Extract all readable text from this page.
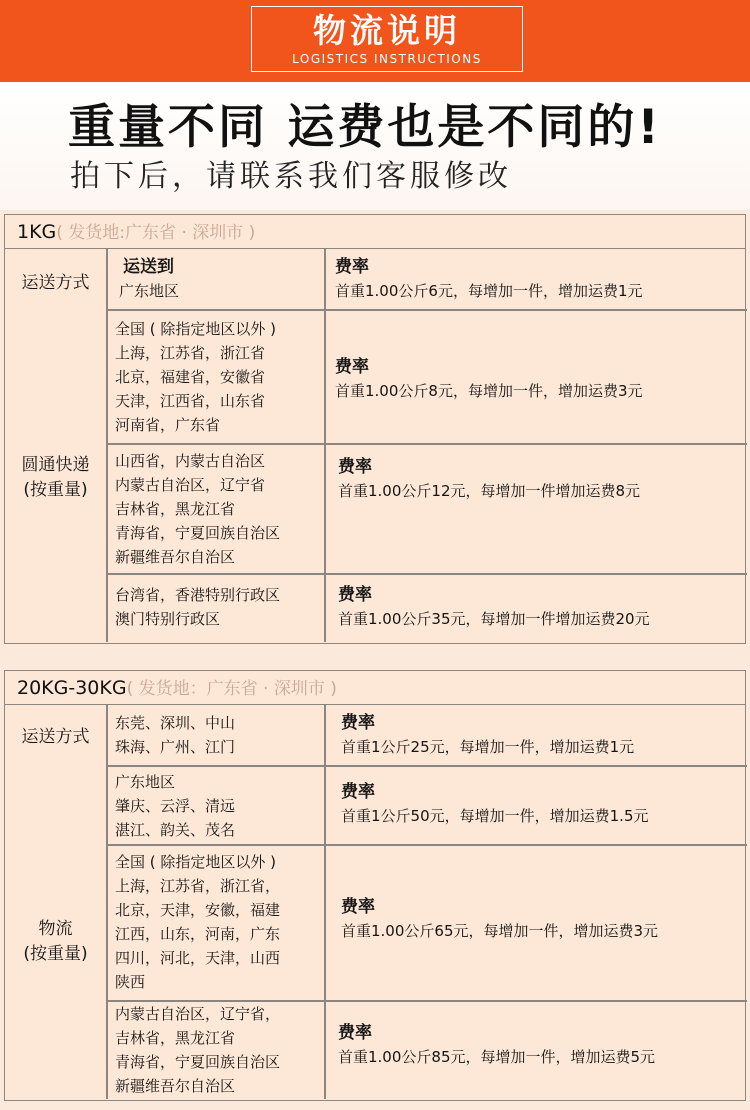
物流说明
LOGISTICS INSTRUCTIONS
重量不同 运费也是不同的!
拍下后，请联系我们客服修改
1KG( 发货地:广东省 · 深圳市 )
运送方式
圆通快递
(按重量)
运送到
广东地区
费率
首重1.00公斤6元，每增加一件，增加运费1元
全国 ( 除指定地区以外 )
上海，江苏省，浙江省
北京，福建省，安徽省
天津，江西省，山东省
河南省，广东省
费率
首重1.00公斤8元，每增加一件，增加运费3元
山西省，内蒙古自治区
内蒙古自治区，辽宁省
吉林省，黑龙江省
青海省，宁夏回族自治区
新疆维吾尔自治区
费率
首重1.00公斤12元，每增加一件增加运费8元
台湾省，香港特别行政区
澳门特别行政区
费率
首重1.00公斤35元，每增加一件增加运费20元
20KG-30KG( 发货地：广东省 · 深圳市 )
运送方式
物流
(按重量)
东莞、深圳、中山
珠海、广州、江门
费率
首重1公斤25元，每增加一件，增加运费1元
广东地区
肇庆、云浮、清远
湛江、韵关、茂名
费率
首重1公斤50元，每增加一件，增加运费1.5元
全国 ( 除指定地区以外 )
上海，江苏省，浙江省，
北京，天津，安徽，福建
江西，山东，河南，广东
四川，河北，天津，山西
陕西
费率
首重1.00公斤65元，每增加一件，增加运费3元
内蒙古自治区，辽宁省，
吉林省，黑龙江省
青海省，宁夏回族自治区
新疆维吾尔自治区
费率
首重1.00公斤85元，每增加一件，增加运费5元
